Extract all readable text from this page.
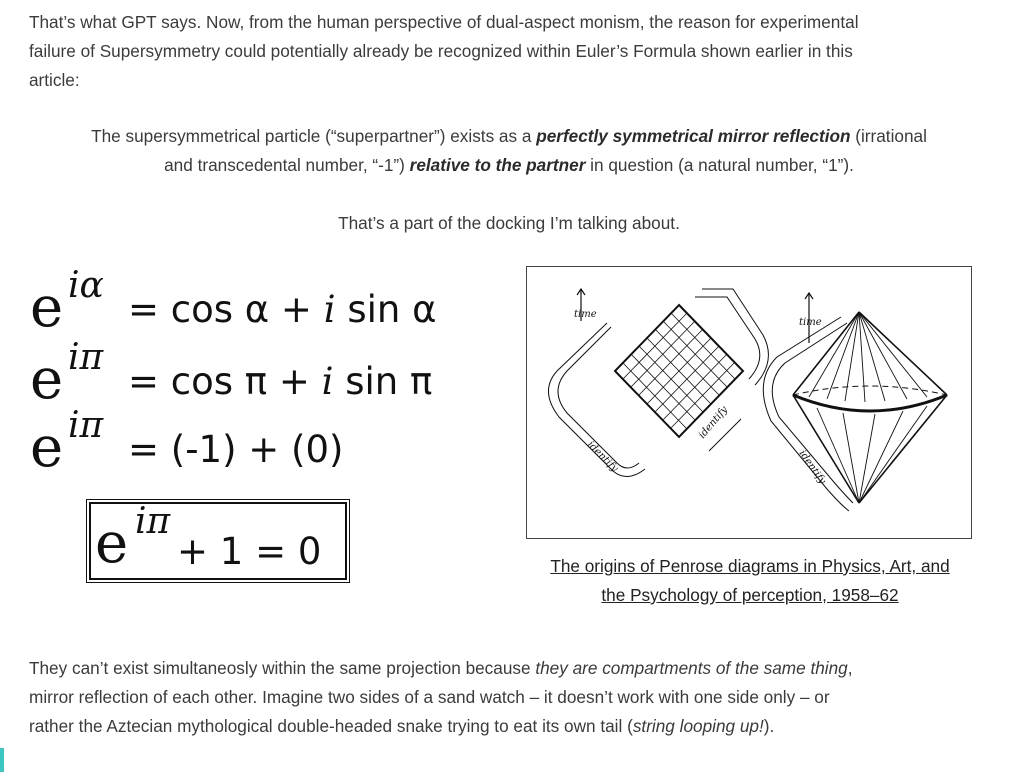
That’s what GPT says. Now, from the human perspective of dual-aspect monism, the reason for experimental
failure of Supersymmetry could potentially already be recognized within Euler’s Formula shown earlier in this
article:
The supersymmetrical particle (“superpartner”) exists as a perfectly symmetrical mirror reflection (irrational
and transcedental number, “-1”) relative to the partner in question (a natural number, “1”).
That’s a part of the docking I’m talking about.
e iα
= cos α + i sin α
e iπ
= cos π + i sin π
e iπ
= (-1) + (0)
e iπ
+ 1 = 0
time
identify
identify
time
identify
The origins of Penrose diagrams in Physics, Art, and
the Psychology of perception, 1958–62
They can’t exist simultaneosly within the same projection because they are compartments of the same thing,
mirror reflection of each other. Imagine two sides of a sand watch – it doesn’t work with one side only – or
rather the Aztecian mythological double-headed snake trying to eat its own tail (string looping up!).
